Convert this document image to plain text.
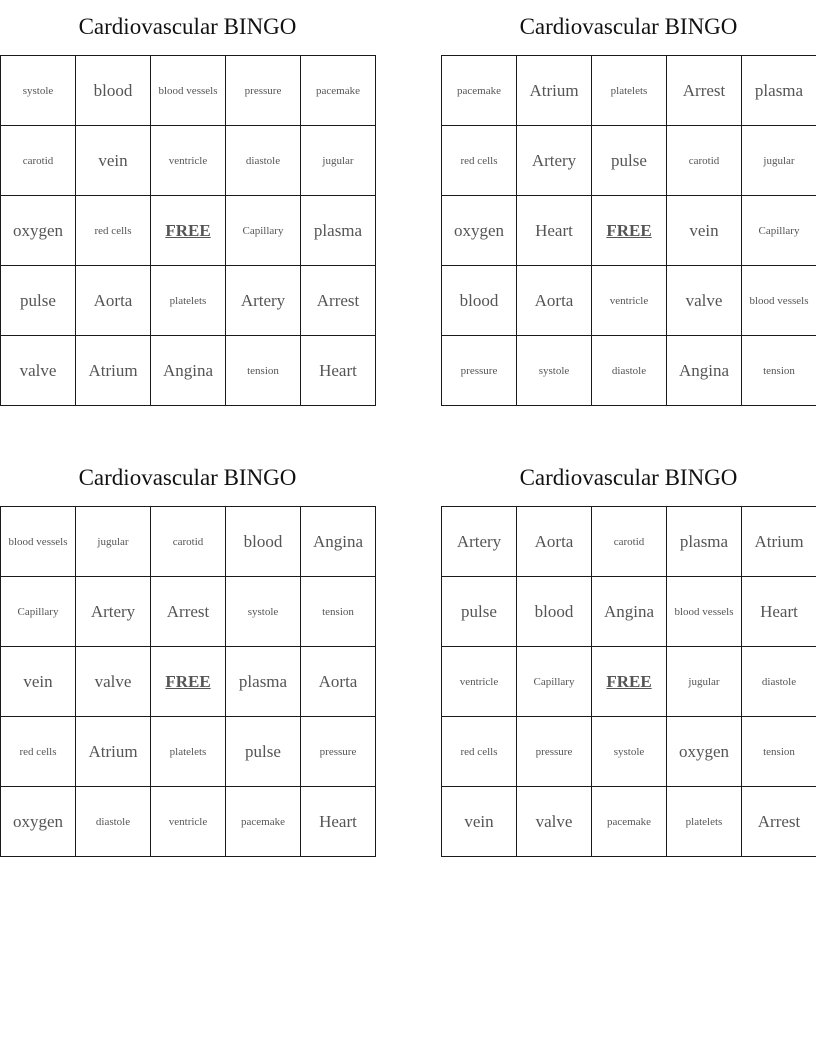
Cardiovascular BINGO
systole	blood	blood vessels	pressure	pacemake
carotid	vein	ventricle	diastole	jugular
oxygen	red cells	FREE	Capillary	plasma
pulse	Aorta	platelets	Artery	Arrest
valve	Atrium	Angina	tension	Heart
Cardiovascular BINGO
pacemake	Atrium	platelets	Arrest	plasma
red cells	Artery	pulse	carotid	jugular
oxygen	Heart	FREE	vein	Capillary
blood	Aorta	ventricle	valve	blood vessels
pressure	systole	diastole	Angina	tension
Cardiovascular BINGO
blood vessels	jugular	carotid	blood	Angina
Capillary	Artery	Arrest	systole	tension
vein	valve	FREE	plasma	Aorta
red cells	Atrium	platelets	pulse	pressure
oxygen	diastole	ventricle	pacemake	Heart
Cardiovascular BINGO
Artery	Aorta	carotid	plasma	Atrium
pulse	blood	Angina	blood vessels	Heart
ventricle	Capillary	FREE	jugular	diastole
red cells	pressure	systole	oxygen	tension
vein	valve	pacemake	platelets	Arrest
